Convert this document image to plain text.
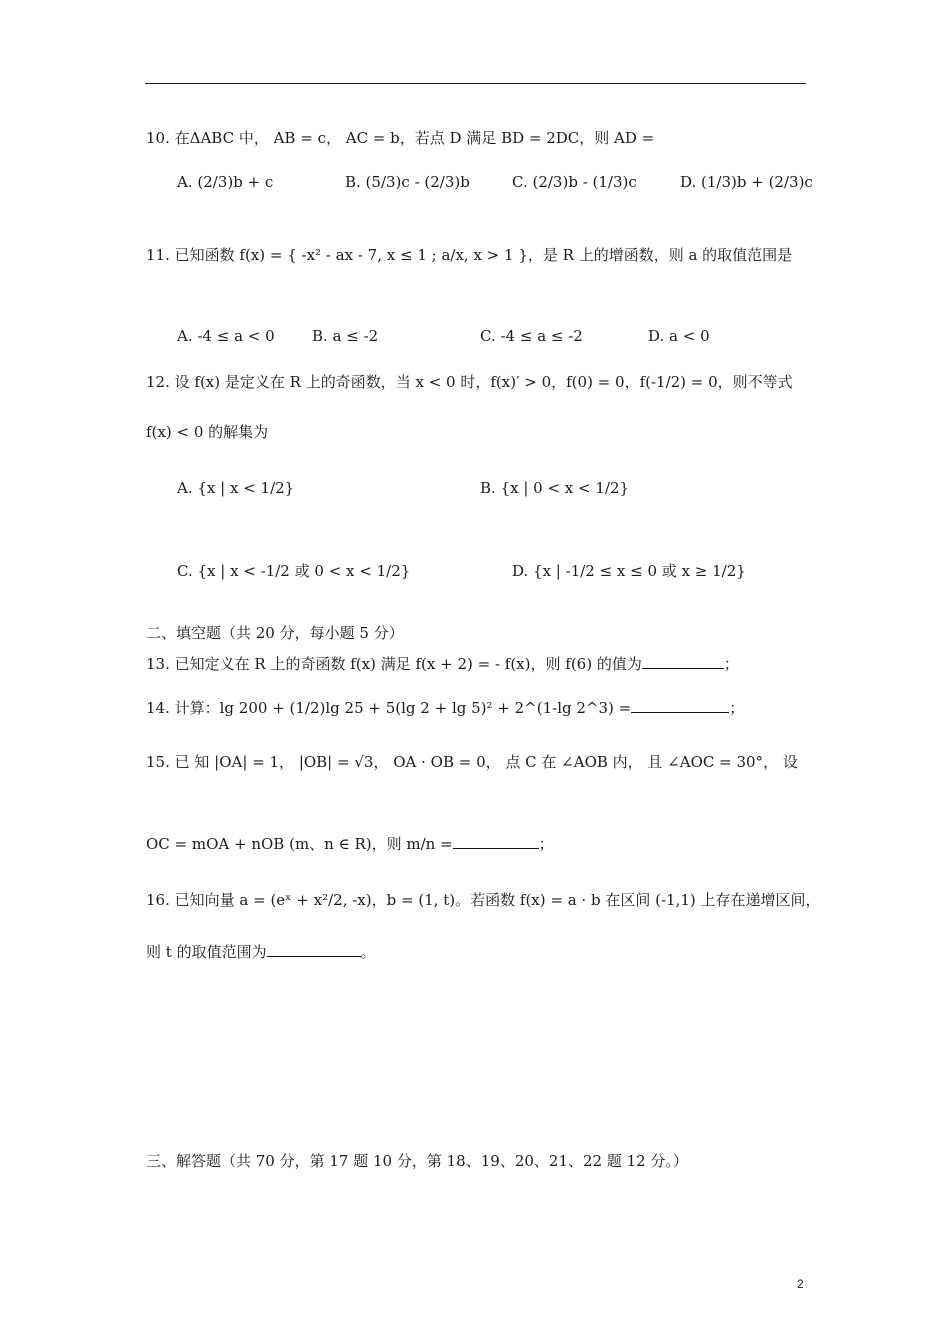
10. 在ΔABC 中， AB = c， AC = b，若点 D 满足 BD = 2DC，则 AD =
A. (2/3)b + c	B. (5/3)c - (2/3)b	C. (2/3)b - (1/3)c	D. (1/3)b + (2/3)c
11. 已知函数 f(x) = { -x² - ax - 7, x ≤ 1 ; a/x, x > 1 }，是 R 上的增函数，则 a 的取值范围是
A. -4 ≤ a < 0 B. a ≤ -2	C. -4 ≤ a ≤ -2	D. a < 0
12. 设 f(x) 是定义在 R 上的奇函数，当 x < 0 时，f(x)′ > 0，f(0) = 0，f(-1/2) = 0，则不等式
f(x) < 0 的解集为
A. {x | x < 1/2}	B. {x | 0 < x < 1/2}
C. {x | x < -1/2 或 0 < x < 1/2}	D. {x | -1/2 ≤ x ≤ 0 或 x ≥ 1/2}
二、填空题（共 20 分，每小题 5 分）
13. 已知定义在 R 上的奇函数 f(x) 满足 f(x + 2) = - f(x)，则 f(6) 的值为	；
14. 计算：lg 200 + (1/2)lg 25 + 5(lg 2 + lg 5)² + 2^(1-lg 2^3) =	；
15. 已 知 |OA| = 1， |OB| = √3， OA · OB = 0， 点 C 在 ∠AOB 内， 且 ∠AOC = 30°， 设
OC = mOA + nOB (m、n ∈ R)，则 m/n =	；
16. 已知向量 a = (eˣ + x²/2, -x)，b = (1, t)。若函数 f(x) = a · b 在区间 (-1,1) 上存在递增区间，
则 t 的取值范围为	。
三、解答题（共 70 分，第 17 题 10 分，第 18、19、20、21、22 题 12 分。）
2
